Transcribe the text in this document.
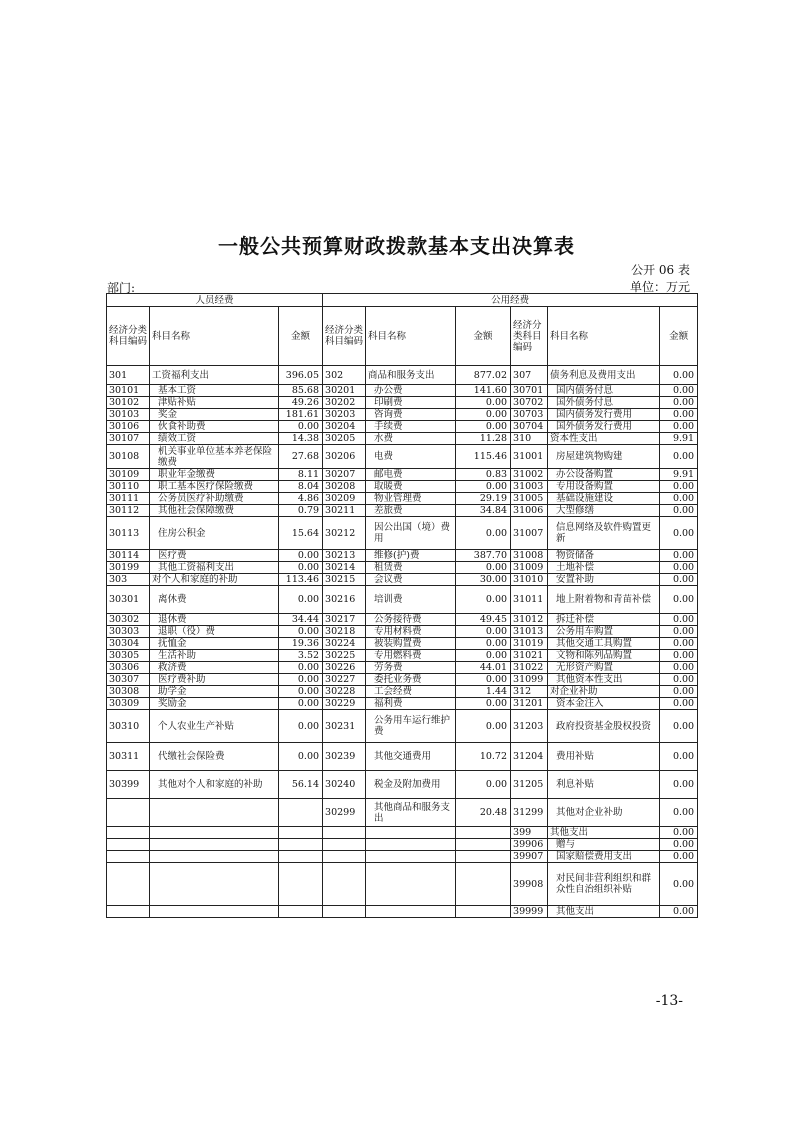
一般公共预算财政拨款基本支出决算表
公开 06 表
部门:	单位：万元
人员经费			公用经费					
经济分类科目编码	科目名称	金额	经济分类科目编码	科目名称	金额	经济分类科目编码	科目名称	金额
301	工资福利支出	396.05	302	商品和服务支出	877.02	307	债务利息及费用支出	0.00
30101	基本工资	85.68	30201	办公费	141.60	30701	国内债务付息	0.00
30102	津贴补贴	49.26	30202	印刷费	0.00	30702	国外债务付息	0.00
30103	奖金	181.61	30203	咨询费	0.00	30703	国内债务发行费用	0.00
30106	伙食补助费	0.00	30204	手续费	0.00	30704	国外债务发行费用	0.00
30107	绩效工资	14.38	30205	水费	11.28	310	资本性支出	9.91
30108	机关事业单位基本养老保险缴费	27.68	30206	电费	115.46	31001	房屋建筑物购建	0.00
30109	职业年金缴费	8.11	30207	邮电费	0.83	31002	办公设备购置	9.91
30110	职工基本医疗保险缴费	8.04	30208	取暖费	0.00	31003	专用设备购置	0.00
30111	公务员医疗补助缴费	4.86	30209	物业管理费	29.19	31005	基础设施建设	0.00
30112	其他社会保障缴费	0.79	30211	差旅费	34.84	31006	大型修缮	0.00
30113	住房公积金	15.64	30212	因公出国（境）费用	0.00	31007	信息网络及软件购置更新	0.00
30114	医疗费	0.00	30213	维修(护)费	387.70	31008	物资储备	0.00
30199	其他工资福利支出	0.00	30214	租赁费	0.00	31009	土地补偿	0.00
303	对个人和家庭的补助	113.46	30215	会议费	30.00	31010	安置补助	0.00
30301	离休费	0.00	30216	培训费	0.00	31011	地上附着物和青苗补偿	0.00
30302	退休费	34.44	30217	公务接待费	49.45	31012	拆迁补偿	0.00
30303	退职（役）费	0.00	30218	专用材料费	0.00	31013	公务用车购置	0.00
30304	抚恤金	19.36	30224	被装购置费	0.00	31019	其他交通工具购置	0.00
30305	生活补助	3.52	30225	专用燃料费	0.00	31021	文物和陈列品购置	0.00
30306	救济费	0.00	30226	劳务费	44.01	31022	无形资产购置	0.00
30307	医疗费补助	0.00	30227	委托业务费	0.00	31099	其他资本性支出	0.00
30308	助学金	0.00	30228	工会经费	1.44	312	对企业补助	0.00
30309	奖励金	0.00	30229	福利费	0.00	31201	资本金注入	0.00
30310	个人农业生产补贴	0.00	30231	公务用车运行维护费	0.00	31203	政府投资基金股权投资	0.00
30311	代缴社会保险费	0.00	30239	其他交通费用	10.72	31204	费用补贴	0.00
30399	其他对个人和家庭的补助	56.14	30240	税金及附加费用	0.00	31205	利息补贴	0.00
			30299	其他商品和服务支出	20.48	31299	其他对企业补助	0.00
						399	其他支出	0.00
						39906	赠与	0.00
						39907	国家赔偿费用支出	0.00
						39908	对民间非营利组织和群众性自治组织补贴	0.00
						39999	其他支出	0.00
-13-
